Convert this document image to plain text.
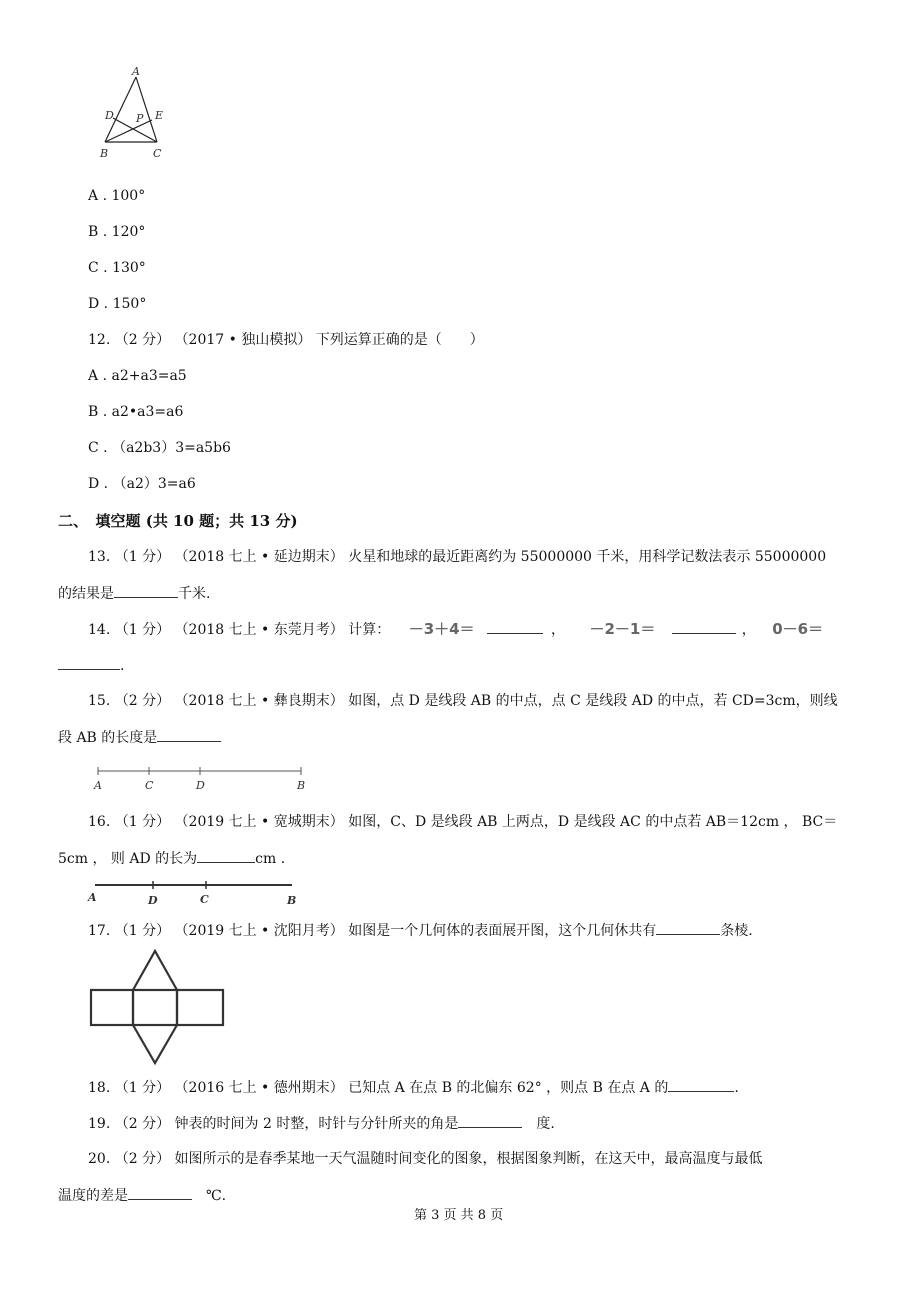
A
D P E
B	C
A . 100°
B . 120°
C . 130°
D . 150°
12. （2 分） （2017 • 独山模拟） 下列运算正确的是（　　）
A . a2+a3=a5
B . a2•a3=a6
C . （a2b3）3=a5b6
D . （a2）3=a6
二、　填空题 (共 10 题；共 13 分)
13. （1 分） （2018 七上 • 延边期末） 火星和地球的最近距离约为 55000000 千米，用科学记数法表示 55000000
的结果是	千米.
14. （1 分） （2018 七上 • 东莞月考） 计算： －3＋4＝	， －2－1＝	， 0－6＝
.
15. （2 分） （2018 七上 • 彝良期末） 如图，点 D 是线段 AB 的中点，点 C 是线段 AD 的中点，若 CD=3cm，则线
段 AB 的长度是
A	C	D	B
16. （1 分） （2019 七上 • 宽城期末） 如图，C、D 是线段 AB 上两点，D 是线段 AC 的中点若 AB＝12cm ， BC＝
5cm ， 则 AD 的长为	cm .
A	D	C	B
17. （1 分） （2019 七上 • 沈阳月考） 如图是一个几何体的表面展开图，这个几何休共有	条棱.
18. （1 分） （2016 七上 • 德州期末） 已知点 A 在点 B 的北偏东 62° ，则点 B 在点 A 的	.
19. （2 分） 钟表的时间为 2 时整，时针与分针所夹的角是	度.
20. （2 分） 如图所示的是春季某地一天气温随时间变化的图象，根据图象判断，在这天中，最高温度与最低
温度的差是	℃.
第 3 页 共 8 页
